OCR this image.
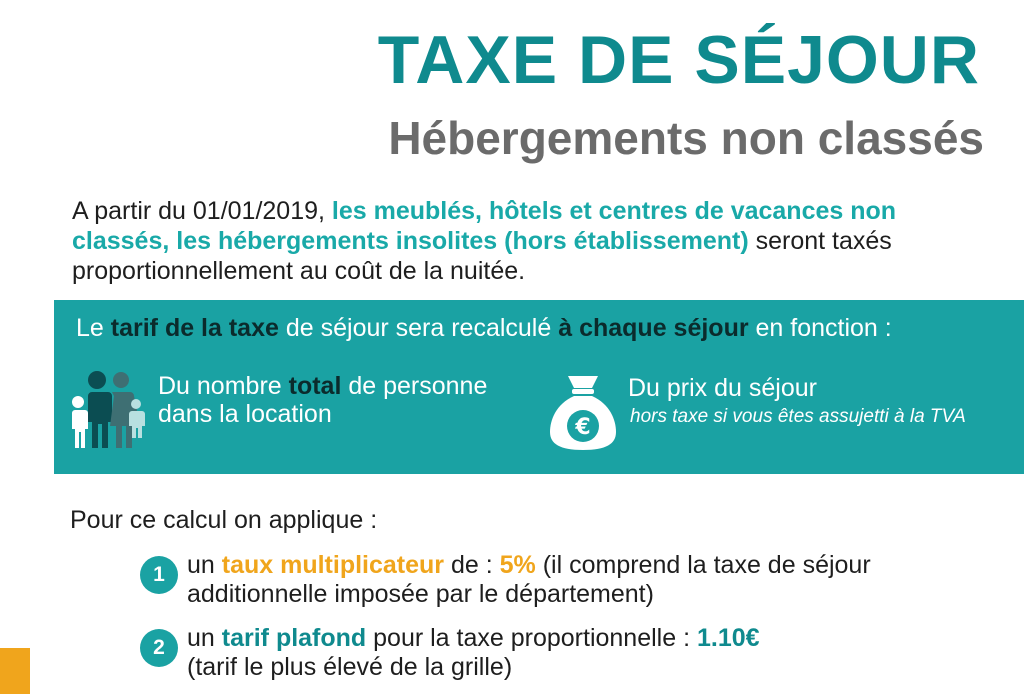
TAXE DE SÉJOUR
Hébergements non classés

A partir du 01/01/2019, les meublés, hôtels et centres de vacances non classés, les hébergements insolites (hors établissement) seront taxés proportionnellement au coût de la nuitée.

Le tarif de la taxe de séjour sera recalculé à chaque séjour en fonction :

Du nombre total de personne dans la location	€
Du prix du séjour
hors taxe si vous êtes assujetti à la TVA

Pour ce calcul on applique :

1 un taux multiplicateur de : 5% (il comprend la taxe de séjour
additionnelle imposée par le département)
2 un tarif plafond pour la taxe proportionnelle : 1.10€
(tarif le plus élevé de la grille)
